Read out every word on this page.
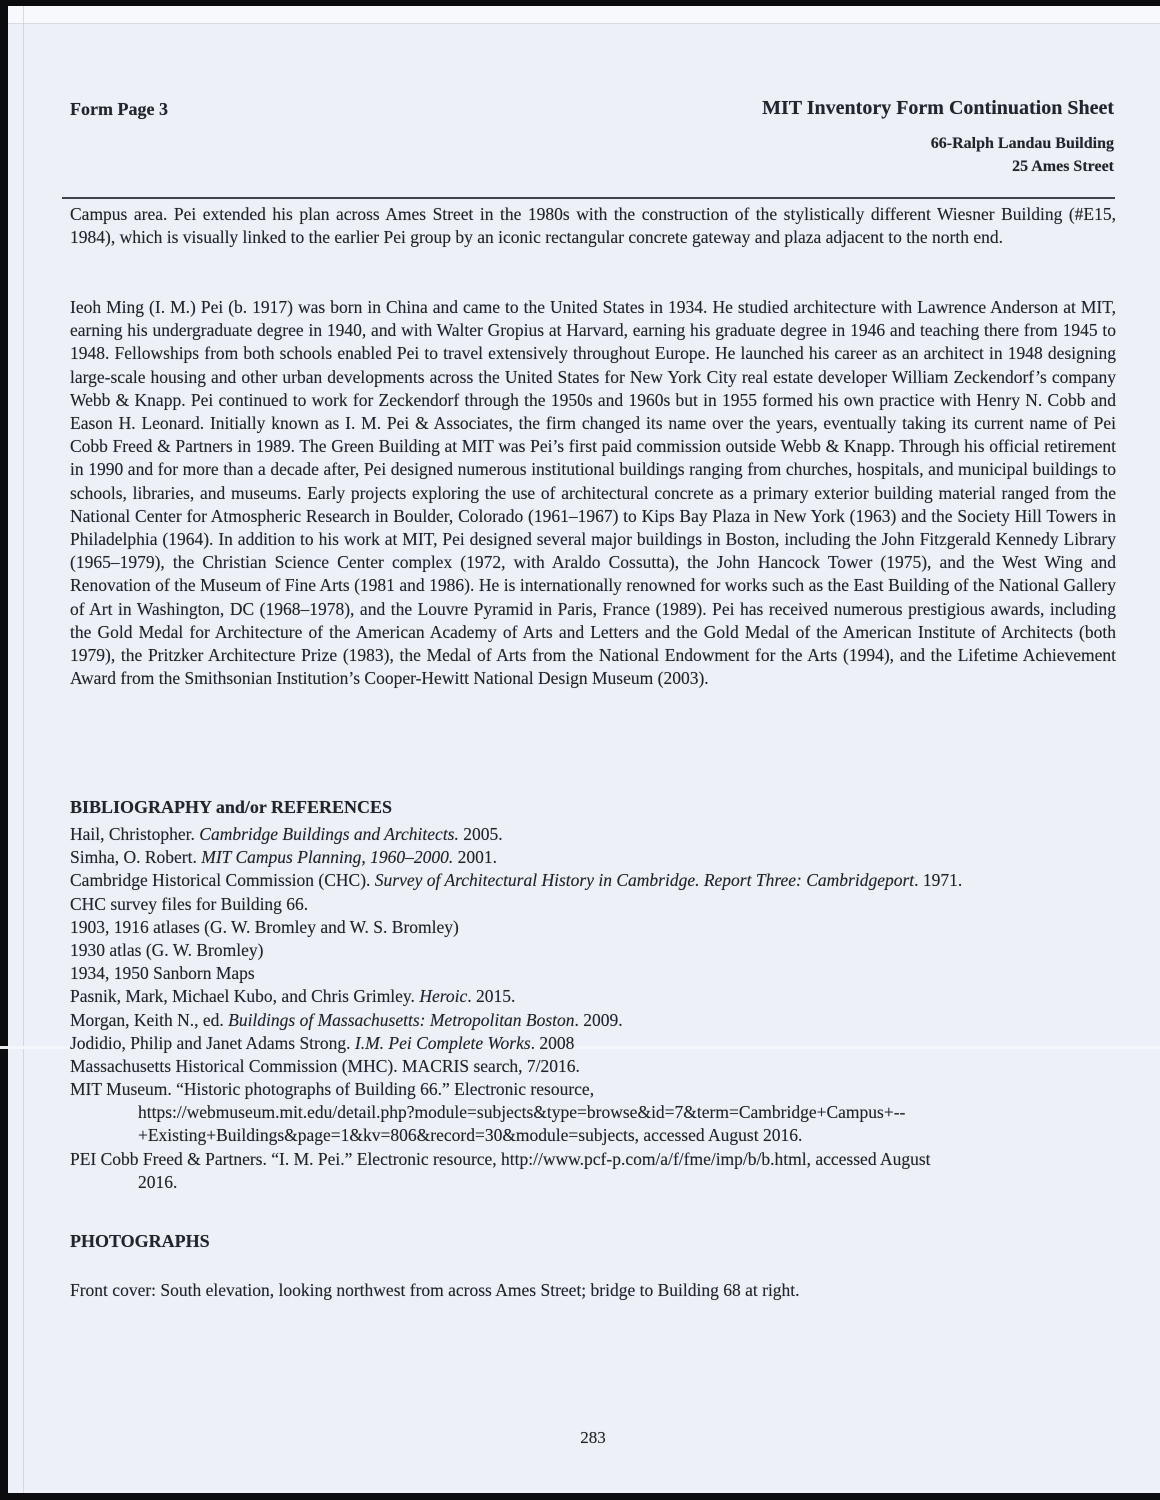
Form Page 3	MIT Inventory Form Continuation Sheet
66-Ralph Landau Building
25 Ames Street
Campus area. Pei extended his plan across Ames Street in the 1980s with the construction of the stylistically different Wiesner Building (#E15, 1984), which is visually linked to the earlier Pei group by an iconic rectangular concrete gateway and plaza adjacent to the north end.
Ieoh Ming (I. M.) Pei (b. 1917) was born in China and came to the United States in 1934. He studied architecture with Lawrence Anderson at MIT, earning his undergraduate degree in 1940, and with Walter Gropius at Harvard, earning his graduate degree in 1946 and teaching there from 1945 to 1948. Fellowships from both schools enabled Pei to travel extensively throughout Europe. He launched his career as an architect in 1948 designing large-scale housing and other urban developments across the United States for New York City real estate developer William Zeckendorf’s company Webb & Knapp. Pei continued to work for Zeckendorf through the 1950s and 1960s but in 1955 formed his own practice with Henry N. Cobb and Eason H. Leonard. Initially known as I. M. Pei & Associates, the firm changed its name over the years, eventually taking its current name of Pei Cobb Freed & Partners in 1989. The Green Building at MIT was Pei’s first paid commission outside Webb & Knapp. Through his official retirement in 1990 and for more than a decade after, Pei designed numerous institutional buildings ranging from churches, hospitals, and municipal buildings to schools, libraries, and museums. Early projects exploring the use of architectural concrete as a primary exterior building material ranged from the National Center for Atmospheric Research in Boulder, Colorado (1961–1967) to Kips Bay Plaza in New York (1963) and the Society Hill Towers in Philadelphia (1964). In addition to his work at MIT, Pei designed several major buildings in Boston, including the John Fitzgerald Kennedy Library (1965–1979), the Christian Science Center complex (1972, with Araldo Cossutta), the John Hancock Tower (1975), and the West Wing and Renovation of the Museum of Fine Arts (1981 and 1986). He is internationally renowned for works such as the East Building of the National Gallery of Art in Washington, DC (1968–1978), and the Louvre Pyramid in Paris, France (1989). Pei has received numerous prestigious awards, including the Gold Medal for Architecture of the American Academy of Arts and Letters and the Gold Medal of the American Institute of Architects (both 1979), the Pritzker Architecture Prize (1983), the Medal of Arts from the National Endowment for the Arts (1994), and the Lifetime Achievement Award from the Smithsonian Institution’s Cooper-Hewitt National Design Museum (2003).
BIBLIOGRAPHY and/or REFERENCES
Hail, Christopher. Cambridge Buildings and Architects. 2005.
Simha, O. Robert. MIT Campus Planning, 1960–2000. 2001.
Cambridge Historical Commission (CHC). Survey of Architectural History in Cambridge. Report Three: Cambridgeport. 1971.
CHC survey files for Building 66.
1903, 1916 atlases (G. W. Bromley and W. S. Bromley)
1930 atlas (G. W. Bromley)
1934, 1950 Sanborn Maps
Pasnik, Mark, Michael Kubo, and Chris Grimley. Heroic. 2015.
Morgan, Keith N., ed. Buildings of Massachusetts: Metropolitan Boston. 2009.
Jodidio, Philip and Janet Adams Strong. I.M. Pei Complete Works. 2008
Massachusetts Historical Commission (MHC). MACRIS search, 7/2016.
MIT Museum. “Historic photographs of Building 66.” Electronic resource,
https://webmuseum.mit.edu/detail.php?module=subjects&type=browse&id=7&term=Cambridge+Campus+--
+Existing+Buildings&page=1&kv=806&record=30&module=subjects, accessed August 2016.
PEI Cobb Freed & Partners. “I. M. Pei.” Electronic resource, http://www.pcf-p.com/a/f/fme/imp/b/b.html, accessed August
2016.
PHOTOGRAPHS
Front cover: South elevation, looking northwest from across Ames Street; bridge to Building 68 at right.
283
